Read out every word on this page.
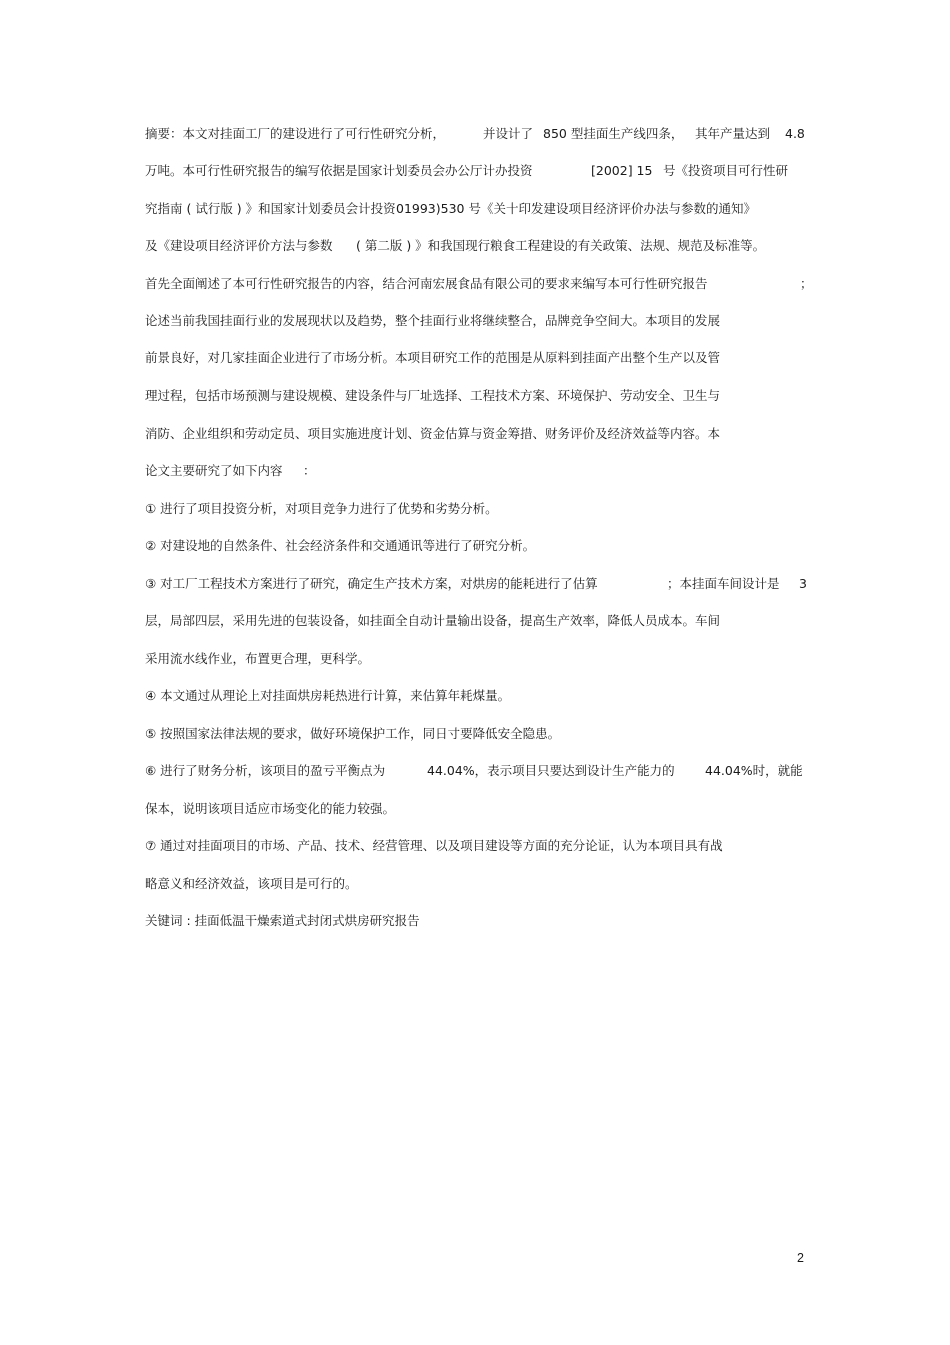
摘要：本文对挂面工厂的建设进行了可行性研究分析，	并设计了 850 型挂面生产线四条， 其年产量达到 4.8
万吨。本可行性研究报告的编写依据是国家计划委员会办公厅计办投资	[2002] 15 号《投资项目可行性研
究指南 ( 试行版 ) 》和国家计划委员会计投资 01993)530 号《关十印发建设项目经济评价办法与参数的通知》
及《建设项目经济评价方法与参数 ( 第二版 ) 》和我国现行粮食工程建设的有关政策、法规、规范及标准等。
首先全面阐述了本可行性研究报告的内容，结合河南宏展食品有限公司的要求来编写本可行性研究报告	；
论述当前我国挂面行业的发展现状以及趋势，整个挂面行业将继续整合，品牌竞争空间大。本项目的发展
前景良好，对几家挂面企业进行了市场分析。本项目研究工作的范围是从原料到挂面产出整个生产以及管
理过程，包括市场预测与建设规模、建设条件与厂址选择、工程技术方案、环境保护、劳动安全、卫生与
消防、企业组织和劳动定员、项目实施进度计划、资金估算与资金筹措、财务评价及经济效益等内容。本
论文主要研究了如下内容 ：
① 进行了项目投资分析，对项目竞争力进行了优势和劣势分析。
② 对建设地的自然条件、社会经济条件和交通通讯等进行了研究分析。
③ 对工厂工程技术方案进行了研究，确定生产技术方案，对烘房的能耗进行了估算	；本挂面车间设计是 3
层，局部四层，采用先进的包装设备，如挂面全自动计量输出设备，提高生产效率，降低人员成本。车间
采用流水线作业，布置更合理，更科学。
④ 本文通过从理论上对挂面烘房耗热进行计算，来估算年耗煤量。
⑤ 按照国家法律法规的要求，做好环境保护工作，同日寸要降低安全隐患。
⑥ 进行了财务分析，该项目的盈亏平衡点为	44.04%，表示项目只要达到设计生产能力的 44.04%时，就能
保本，说明该项目适应市场变化的能力较强。
⑦ 通过对挂面项目的市场、产品、技术、经营管理、以及项目建设等方面的充分论证，认为本项目具有战
略意义和经济效益，该项目是可行的。
关键词 : 挂面低温干燥索道式封闭式烘房研究报告
2
